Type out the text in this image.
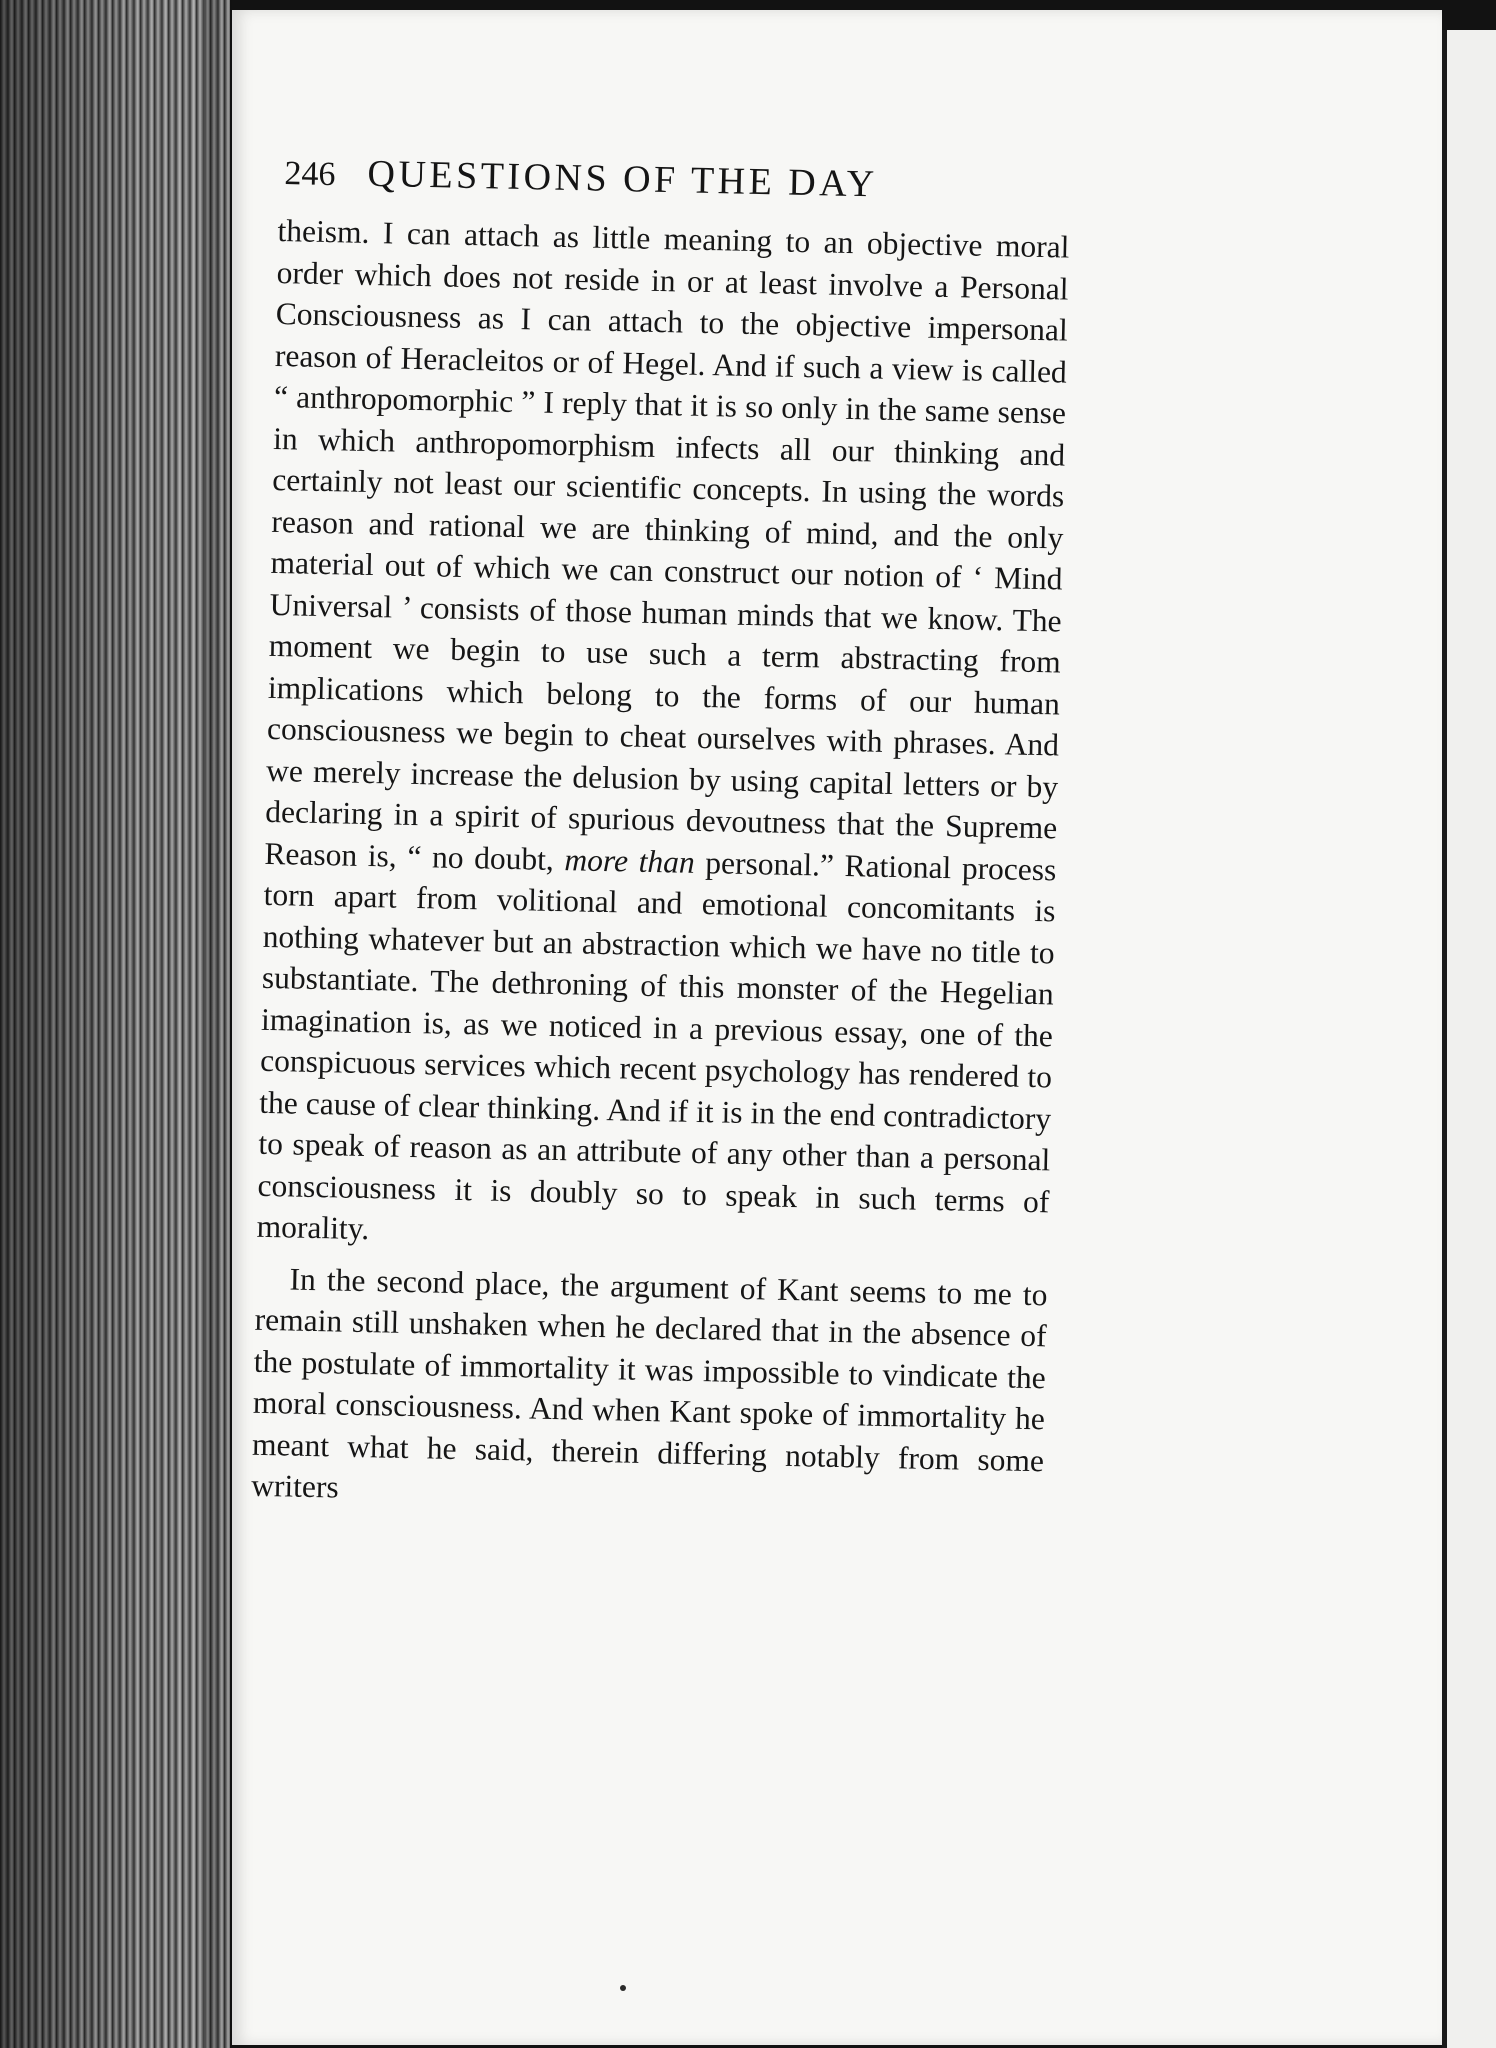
246 QUESTIONS OF THE DAY

theism. I can attach as little meaning to an objective moral order which does not reside in or at least involve a Personal Consciousness as I can attach to the objective impersonal reason of Heracleitos or of Hegel. And if such a view is called “ anthropomorphic ” I reply that it is so only in the same sense in which anthropomorphism infects all our thinking and certainly not least our scientific concepts. In using the words reason and rational we are thinking of mind, and the only material out of which we can construct our notion of ‘ Mind Universal ’ consists of those human minds that we know. The moment we begin to use such a term abstracting from implications which belong to the forms of our human consciousness we begin to cheat ourselves with phrases. And we merely increase the delusion by using capital letters or by declaring in a spirit of spurious devoutness that the Supreme Reason is, “ no doubt, more than personal.” Rational process torn apart from volitional and emotional concomitants is nothing whatever but an abstraction which we have no title to substantiate. The dethroning of this monster of the Hegelian imagination is, as we noticed in a previous essay, one of the conspicuous services which recent psychology has rendered to the cause of clear thinking. And if it is in the end contradictory to speak of reason as an attribute of any other than a personal consciousness it is doubly so to speak in such terms of morality.

In the second place, the argument of Kant seems to me to remain still unshaken when he declared that in the absence of the postulate of immortality it was impossible to vindicate the moral consciousness. And when Kant spoke of immortality he meant what he said, therein differing notably from some writers
